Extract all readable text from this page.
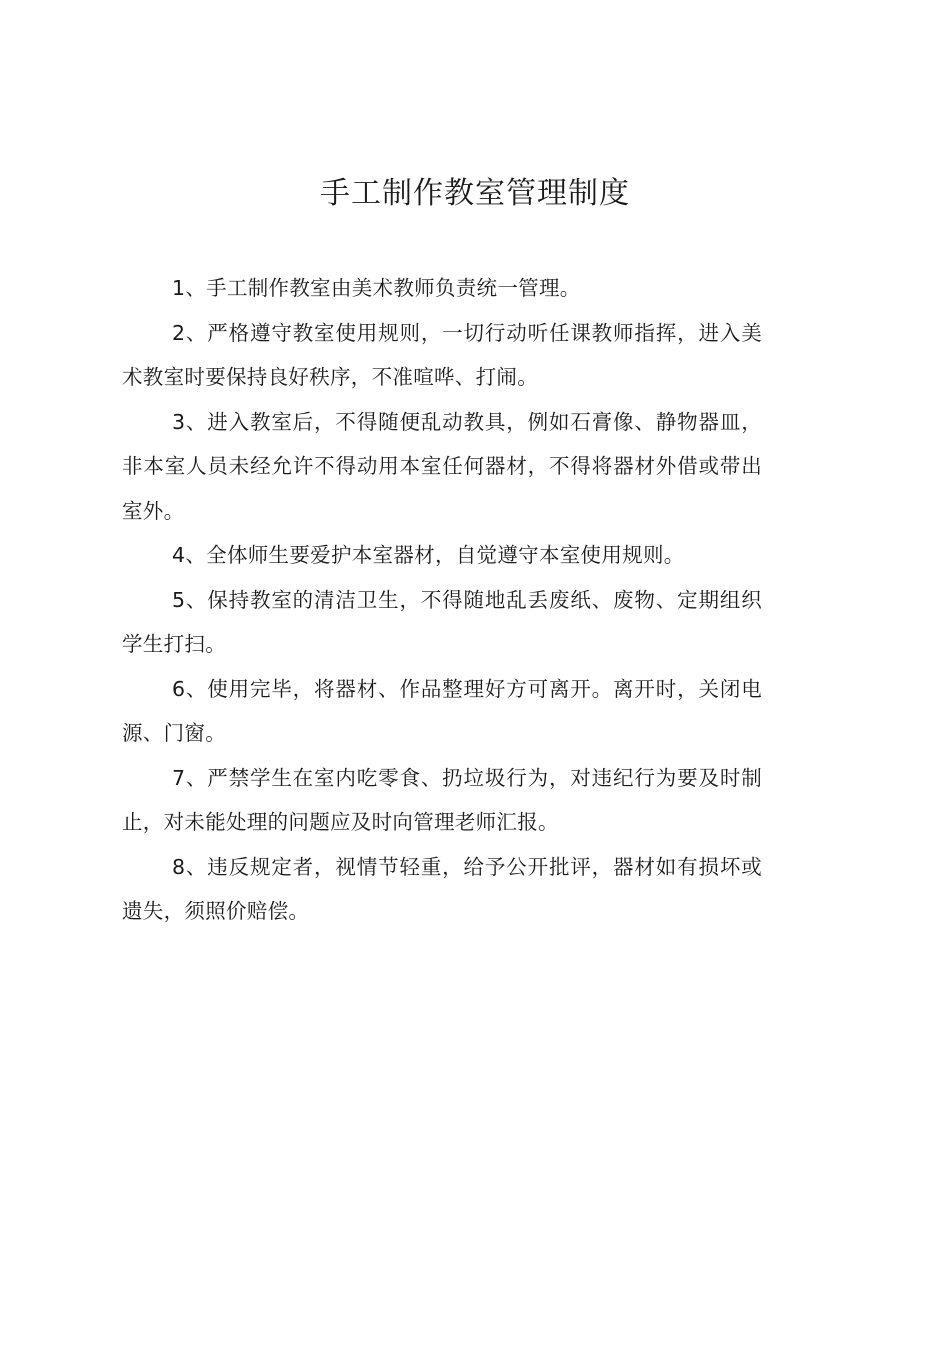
手工制作教室管理制度
1、手工制作教室由美术教师负责统一管理。
2、严格遵守教室使用规则，一切行动听任课教师指挥，进入美术教室时要保持良好秩序，不准喧哗、打闹。
3、进入教室后，不得随便乱动教具，例如石膏像、静物器皿，非本室人员未经允许不得动用本室任何器材，不得将器材外借或带出室外。
4、全体师生要爱护本室器材，自觉遵守本室使用规则。
5、保持教室的清洁卫生，不得随地乱丢废纸、废物、定期组织学生打扫。
6、使用完毕，将器材、作品整理好方可离开。离开时，关闭电源、门窗。
7、严禁学生在室内吃零食、扔垃圾行为，对违纪行为要及时制止，对未能处理的问题应及时向管理老师汇报。
8、违反规定者，视情节轻重，给予公开批评，器材如有损坏或遗失，须照价赔偿。
